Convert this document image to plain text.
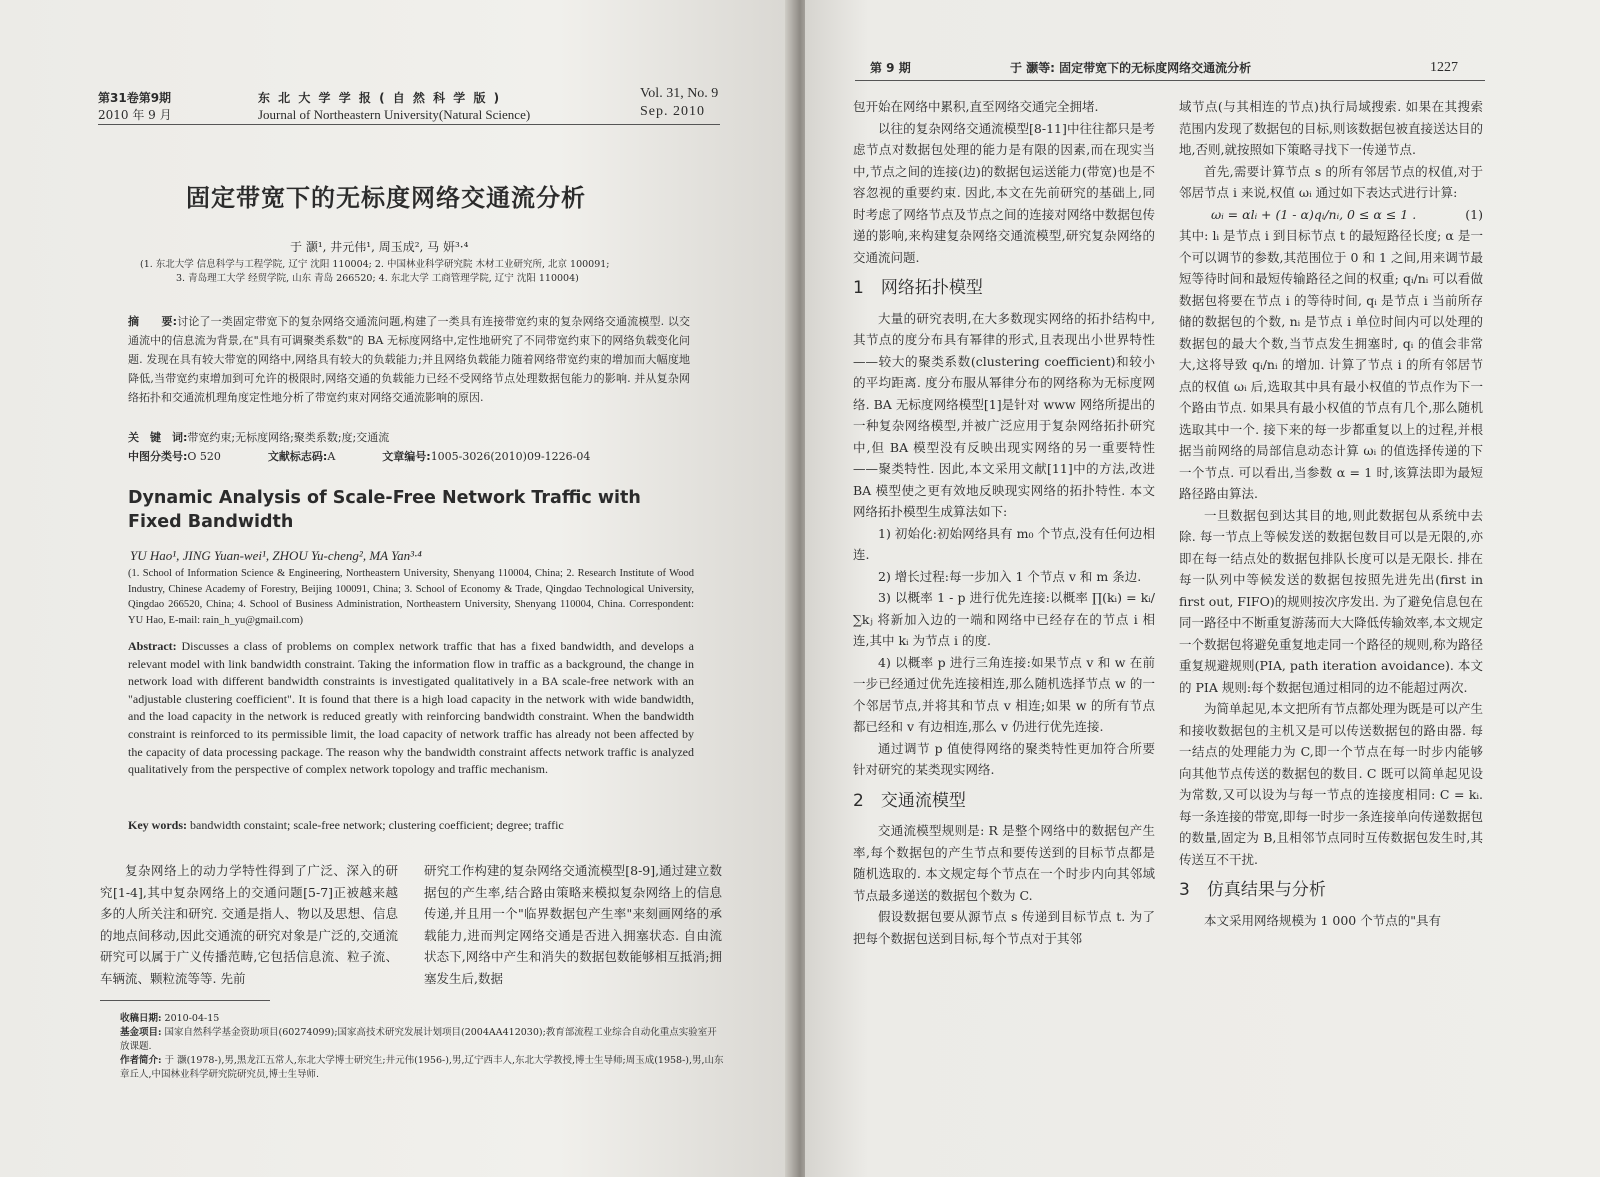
第31卷第9期
2010 年 9 月
东 北 大 学 学 报 ( 自 然 科 学 版 )
Journal of Northeastern University(Natural Science)
Vol. 31, No. 9
Sep. 2010
固定带宽下的无标度网络交通流分析
于 灏¹, 井元伟¹, 周玉成², 马 妍³·⁴
(1. 东北大学 信息科学与工程学院, 辽宁 沈阳 110004; 2. 中国林业科学研究院 木材工业研究所, 北京 100091;
3. 青岛理工大学 经贸学院, 山东 青岛 266520; 4. 东北大学 工商管理学院, 辽宁 沈阳 110004)
摘　　要:讨论了一类固定带宽下的复杂网络交通流问题,构建了一类具有连接带宽约束的复杂网络交通流模型. 以交通流中的信息流为背景,在"具有可调聚类系数"的 BA 无标度网络中,定性地研究了不同带宽约束下的网络负载变化问题. 发现在具有较大带宽的网络中,网络具有较大的负载能力;并且网络负载能力随着网络带宽约束的增加而大幅度地降低,当带宽约束增加到可允许的极限时,网络交通的负载能力已经不受网络节点处理数据包能力的影响. 并从复杂网络拓扑和交通流机理角度定性地分析了带宽约束对网络交通流影响的原因.
关　键　词:带宽约束;无标度网络;聚类系数;度;交通流
中图分类号:O 520	文献标志码:A	文章编号:1005-3026(2010)09-1226-04
Dynamic Analysis of Scale-Free Network Traffic with Fixed Bandwidth
YU Hao¹, JING Yuan-wei¹, ZHOU Yu-cheng², MA Yan³·⁴
(1. School of Information Science & Engineering, Northeastern University, Shenyang 110004, China; 2. Research Institute of Wood Industry, Chinese Academy of Forestry, Beijing 100091, China; 3. School of Economy & Trade, Qingdao Technological University, Qingdao 266520, China; 4. School of Business Administration, Northeastern University, Shenyang 110004, China. Correspondent: YU Hao, E-mail: rain_h_yu@gmail.com)
Abstract: Discusses a class of problems on complex network traffic that has a fixed bandwidth, and develops a relevant model with link bandwidth constraint. Taking the information flow in traffic as a background, the change in network load with different bandwidth constraints is investigated qualitatively in a BA scale-free network with an "adjustable clustering coefficient". It is found that there is a high load capacity in the network with wide bandwidth, and the load capacity in the network is reduced greatly with reinforcing bandwidth constraint. When the bandwidth constraint is reinforced to its permissible limit, the load capacity of network traffic has already not been affected by the capacity of data processing package. The reason why the bandwidth constraint affects network traffic is analyzed qualitatively from the perspective of complex network topology and traffic mechanism.
Key words: bandwidth constaint; scale-free network; clustering coefficient; degree; traffic

复杂网络上的动力学特性得到了广泛、深入的研究[1-4],其中复杂网络上的交通问题[5-7]正被越来越多的人所关注和研究. 交通是指人、物以及思想、信息的地点间移动,因此交通流的研究对象是广泛的,交通流研究可以属于广义传播范畴,它包括信息流、粒子流、车辆流、颗粒流等等. 先前

研究工作构建的复杂网络交通流模型[8-9],通过建立数据包的产生率,结合路由策略来模拟复杂网络上的信息传递,并且用一个"临界数据包产生率"来刻画网络的承载能力,进而判定网络交通是否进入拥塞状态. 自由流状态下,网络中产生和消失的数据包数能够相互抵消;拥塞发生后,数据

收稿日期: 2010-04-15
基金项目: 国家自然科学基金资助项目(60274099);国家高技术研究发展计划项目(2004AA412030);教育部流程工业综合自动化重点实验室开放课题.
作者简介: 于 灏(1978-),男,黑龙江五常人,东北大学博士研究生;井元伟(1956-),男,辽宁西丰人,东北大学教授,博士生导师;周玉成(1958-),男,山东章丘人,中国林业科学研究院研究员,博士生导师.
第 9 期	于 灏等: 固定带宽下的无标度网络交通流分析	1227

包开始在网络中累积,直至网络交通完全拥堵.

以往的复杂网络交通流模型[8-11]中往往都只是考虑节点对数据包处理的能力是有限的因素,而在现实当中,节点之间的连接(边)的数据包运送能力(带宽)也是不容忽视的重要约束. 因此,本文在先前研究的基础上,同时考虑了网络节点及节点之间的连接对网络中数据包传递的影响,来构建复杂网络交通流模型,研究复杂网络的交通流问题.

1　网络拓扑模型

大量的研究表明,在大多数现实网络的拓扑结构中,其节点的度分布具有幂律的形式,且表现出小世界特性——较大的聚类系数(clustering coefficient)和较小的平均距离. 度分布服从幂律分布的网络称为无标度网络. BA 无标度网络模型[1]是针对 www 网络所提出的一种复杂网络模型,并被广泛应用于复杂网络拓扑研究中,但 BA 模型没有反映出现实网络的另一重要特性——聚类特性. 因此,本文采用文献[11]中的方法,改进 BA 模型使之更有效地反映现实网络的拓扑特性. 本文网络拓扑模型生成算法如下:

1) 初始化:初始网络具有 m₀ 个节点,没有任何边相连.

2) 增长过程:每一步加入 1 个节点 v 和 m 条边.

3) 以概率 1 - p 进行优先连接:以概率 ∏(kᵢ) = kᵢ/∑kⱼ 将新加入边的一端和网络中已经存在的节点 i 相连,其中 kᵢ 为节点 i 的度.

4) 以概率 p 进行三角连接:如果节点 v 和 w 在前一步已经通过优先连接相连,那么随机选择节点 w 的一个邻居节点,并将其和节点 v 相连;如果 w 的所有节点都已经和 v 有边相连,那么 v 仍进行优先连接.

通过调节 p 值使得网络的聚类特性更加符合所要针对研究的某类现实网络.

2　交通流模型

交通流模型规则是: R 是整个网络中的数据包产生率,每个数据包的产生节点和要传送到的目标节点都是随机选取的. 本文规定每个节点在一个时步内向其邻域节点最多递送的数据包个数为 C.

假设数据包要从源节点 s 传递到目标节点 t. 为了把每个数据包送到目标,每个节点对于其邻

域节点(与其相连的节点)执行局域搜索. 如果在其搜索范围内发现了数据包的目标,则该数据包被直接送达目的地,否则,就按照如下策略寻找下一传递节点.

首先,需要计算节点 s 的所有邻居节点的权值,对于邻居节点 i 来说,权值 ωᵢ 通过如下表达式进行计算:

ωᵢ = αlᵢ + (1 - α)qᵢ/nᵢ, 0 ≤ α ≤ 1 .	(1)

其中: lᵢ 是节点 i 到目标节点 t 的最短路径长度; α 是一个可以调节的参数,其范围位于 0 和 1 之间,用来调节最短等待时间和最短传输路径之间的权重; qᵢ/nᵢ 可以看做数据包将要在节点 i 的等待时间, qᵢ 是节点 i 当前所存储的数据包的个数, nᵢ 是节点 i 单位时间内可以处理的数据包的最大个数,当节点发生拥塞时, qᵢ 的值会非常大,这将导致 qᵢ/nᵢ 的增加. 计算了节点 i 的所有邻居节点的权值 ωᵢ 后,选取其中具有最小权值的节点作为下一个路由节点. 如果具有最小权值的节点有几个,那么随机选取其中一个. 接下来的每一步都重复以上的过程,并根据当前网络的局部信息动态计算 ωᵢ 的值选择传递的下一个节点. 可以看出,当参数 α = 1 时,该算法即为最短路径路由算法.

一旦数据包到达其目的地,则此数据包从系统中去除. 每一节点上等候发送的数据包数目可以是无限的,亦即在每一结点处的数据包排队长度可以是无限长. 排在每一队列中等候发送的数据包按照先进先出(first in first out, FIFO)的规则按次序发出. 为了避免信息包在同一路径中不断重复游荡而大大降低传输效率,本文规定一个数据包将避免重复地走同一个路径的规则,称为路径重复规避规则(PIA, path iteration avoidance). 本文的 PIA 规则:每个数据包通过相同的边不能超过两次.

为简单起见,本文把所有节点都处理为既是可以产生和接收数据包的主机又是可以传送数据包的路由器. 每一结点的处理能力为 C,即一个节点在每一时步内能够向其他节点传送的数据包的数目. C 既可以简单起见设为常数,又可以设为与每一节点的连接度相同: C = kᵢ. 每一条连接的带宽,即每一时步一条连接单向传递数据包的数量,固定为 B,且相邻节点同时互传数据包发生时,其传送互不干扰.

3　仿真结果与分析

本文采用网络规模为 1 000 个节点的"具有
